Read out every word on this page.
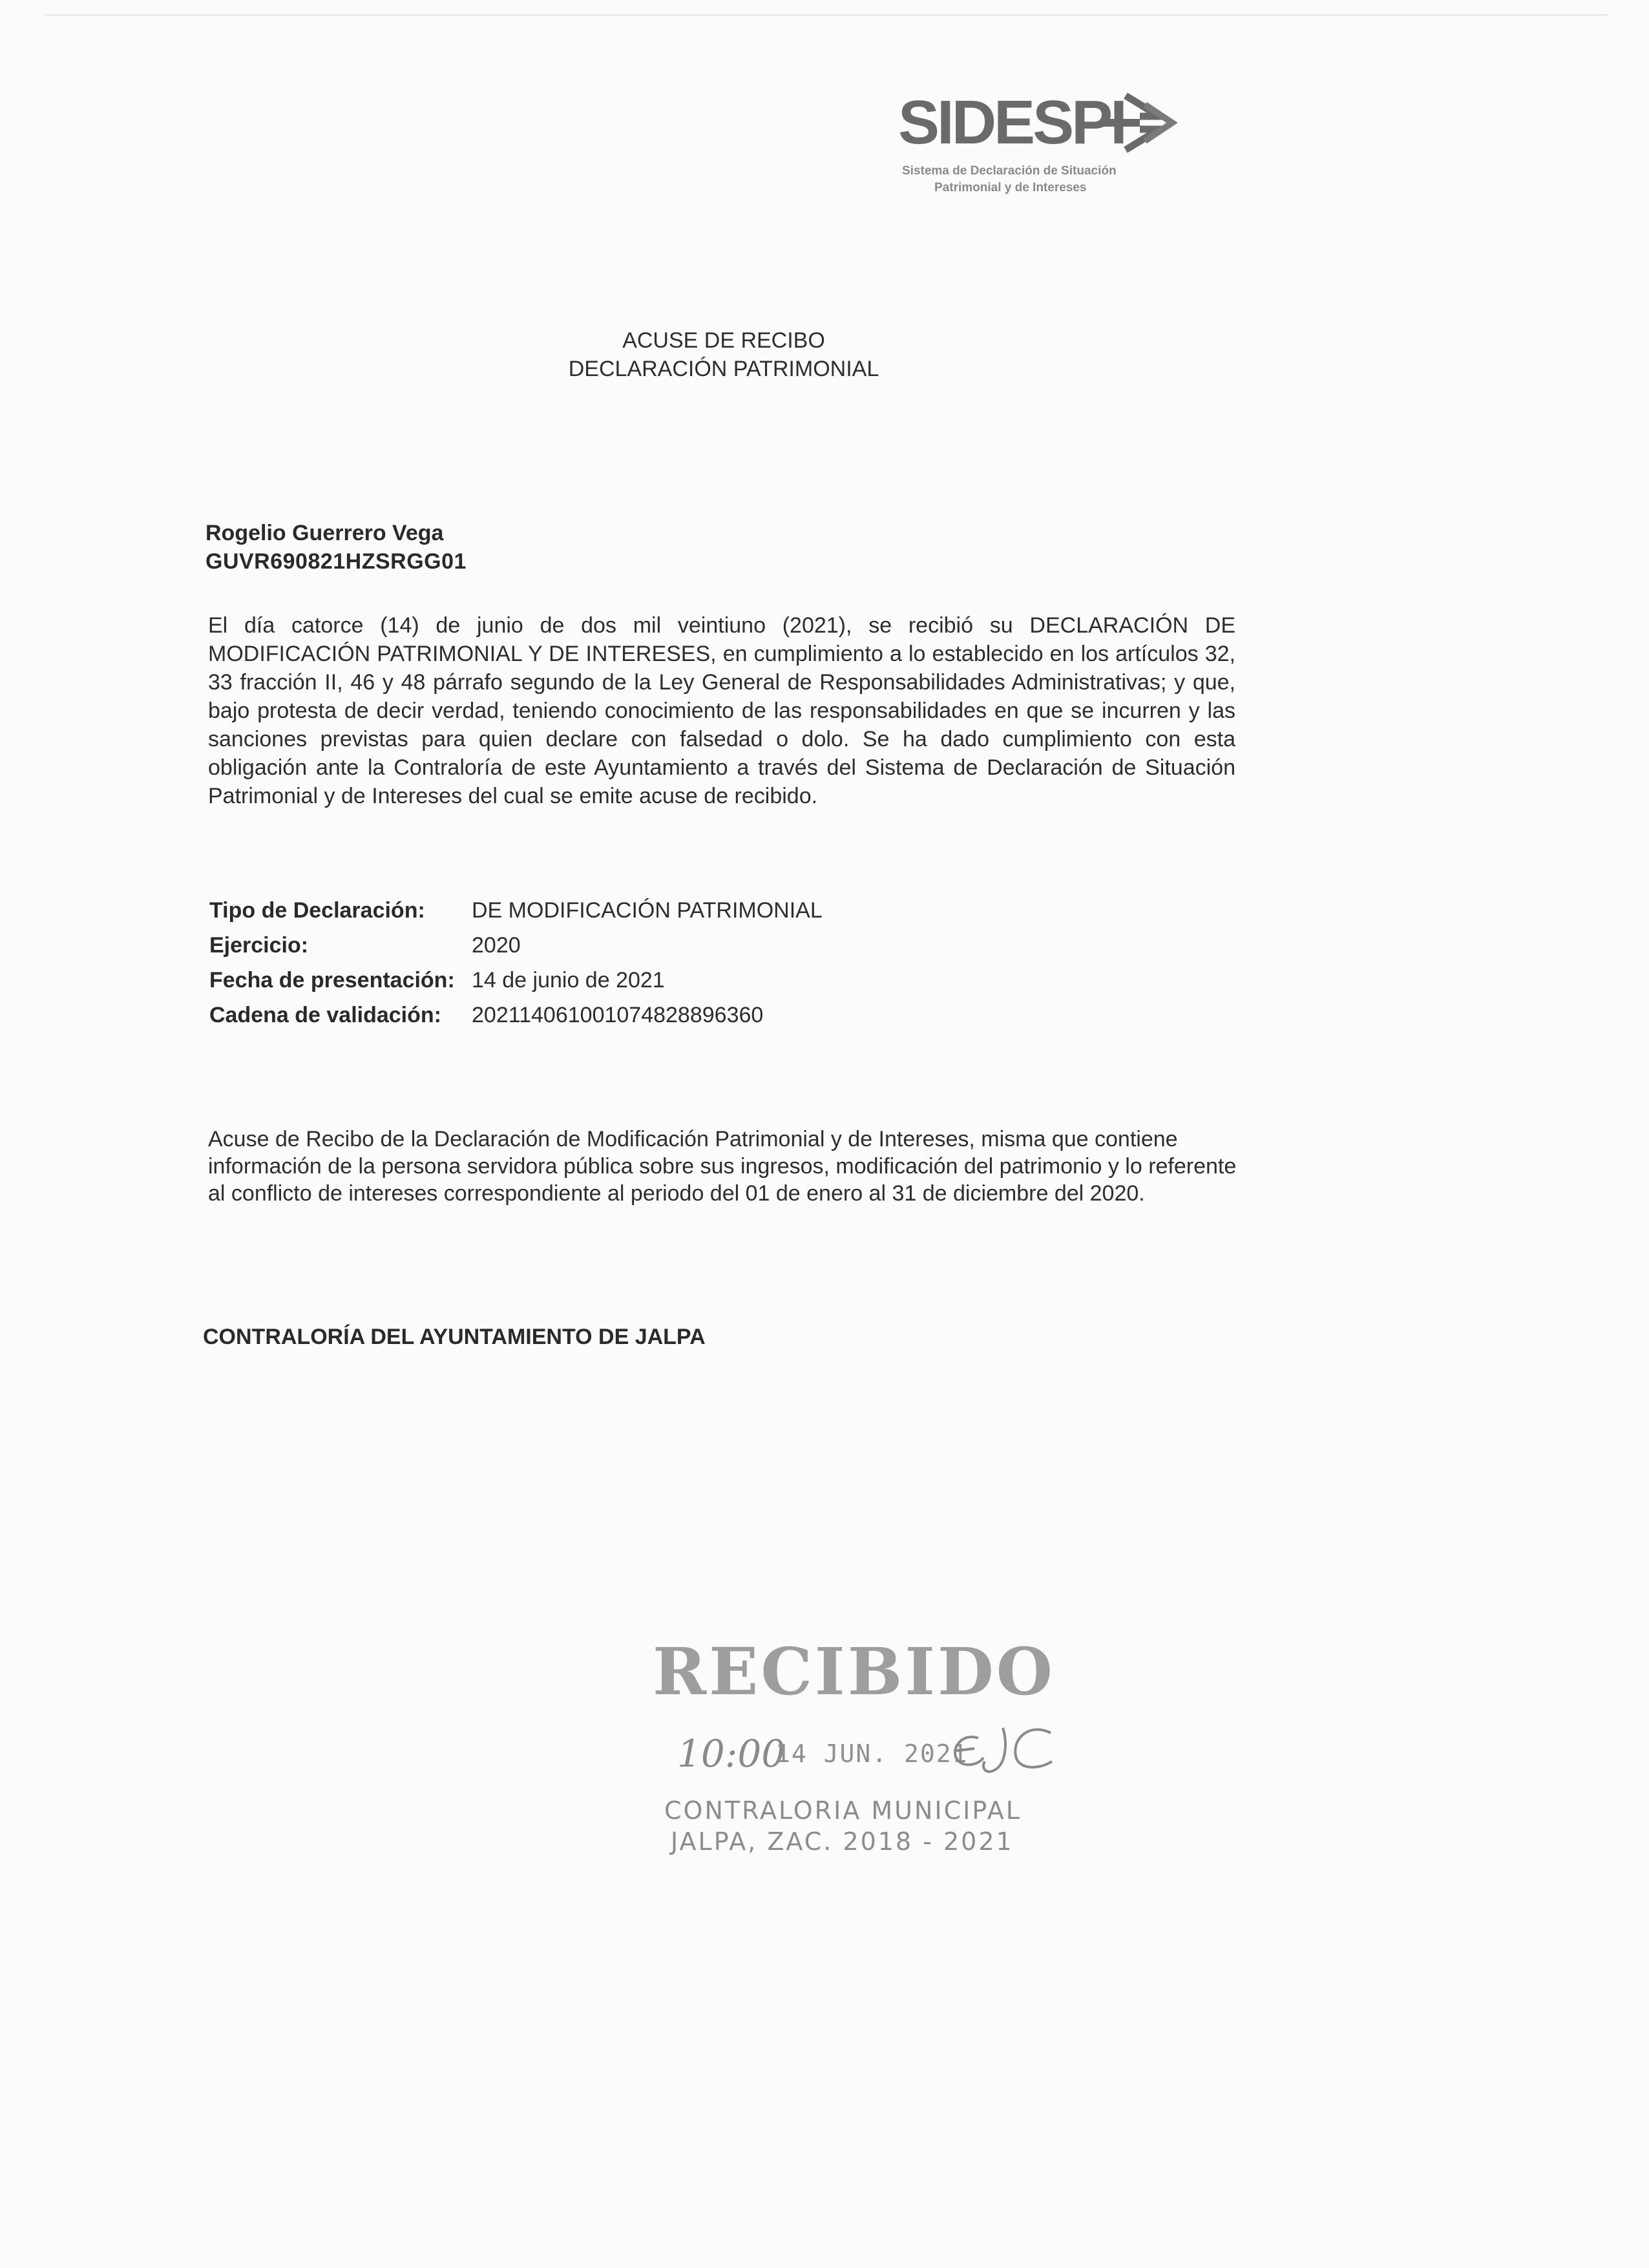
SIDESPI
Sistema de Declaración de Situación
Patrimonial y de Intereses
ACUSE DE RECIBO
DECLARACIÓN PATRIMONIAL
Rogelio Guerrero Vega
GUVR690821HZSRGG01
El día catorce (14) de junio de dos mil veintiuno (2021), se recibió su DECLARACIÓN DE MODIFICACIÓN PATRIMONIAL Y DE INTERESES, en cumplimiento a lo establecido en los artículos 32, 33 fracción II, 46 y 48 párrafo segundo de la Ley General de Responsabilidades Administrativas; y que, bajo protesta de decir verdad, teniendo conocimiento de las responsabilidades en que se incurren y las sanciones previstas para quien declare con falsedad o dolo. Se ha dado cumplimiento con esta obligación ante la Contraloría de este Ayuntamiento a través del Sistema de Declaración de Situación Patrimonial y de Intereses del cual se emite acuse de recibido.
Tipo de Declaración: DE MODIFICACIÓN PATRIMONIAL
Ejercicio:	2020
Fecha de presentación: 14 de junio de 2021
Cadena de validación: 202114061001074828896360
Acuse de Recibo de la Declaración de Modificación Patrimonial y de Intereses, misma que contiene información de la persona servidora pública sobre sus ingresos, modificación del patrimonio y lo referente al conflicto de intereses correspondiente al periodo del 01 de enero al 31 de diciembre del 2020.
CONTRALORÍA DEL AYUNTAMIENTO DE JALPA
RECIBIDO
10:00
14 JUN. 2021
CONTRALORIA MUNICIPAL
JALPA, ZAC. 2018 - 2021
